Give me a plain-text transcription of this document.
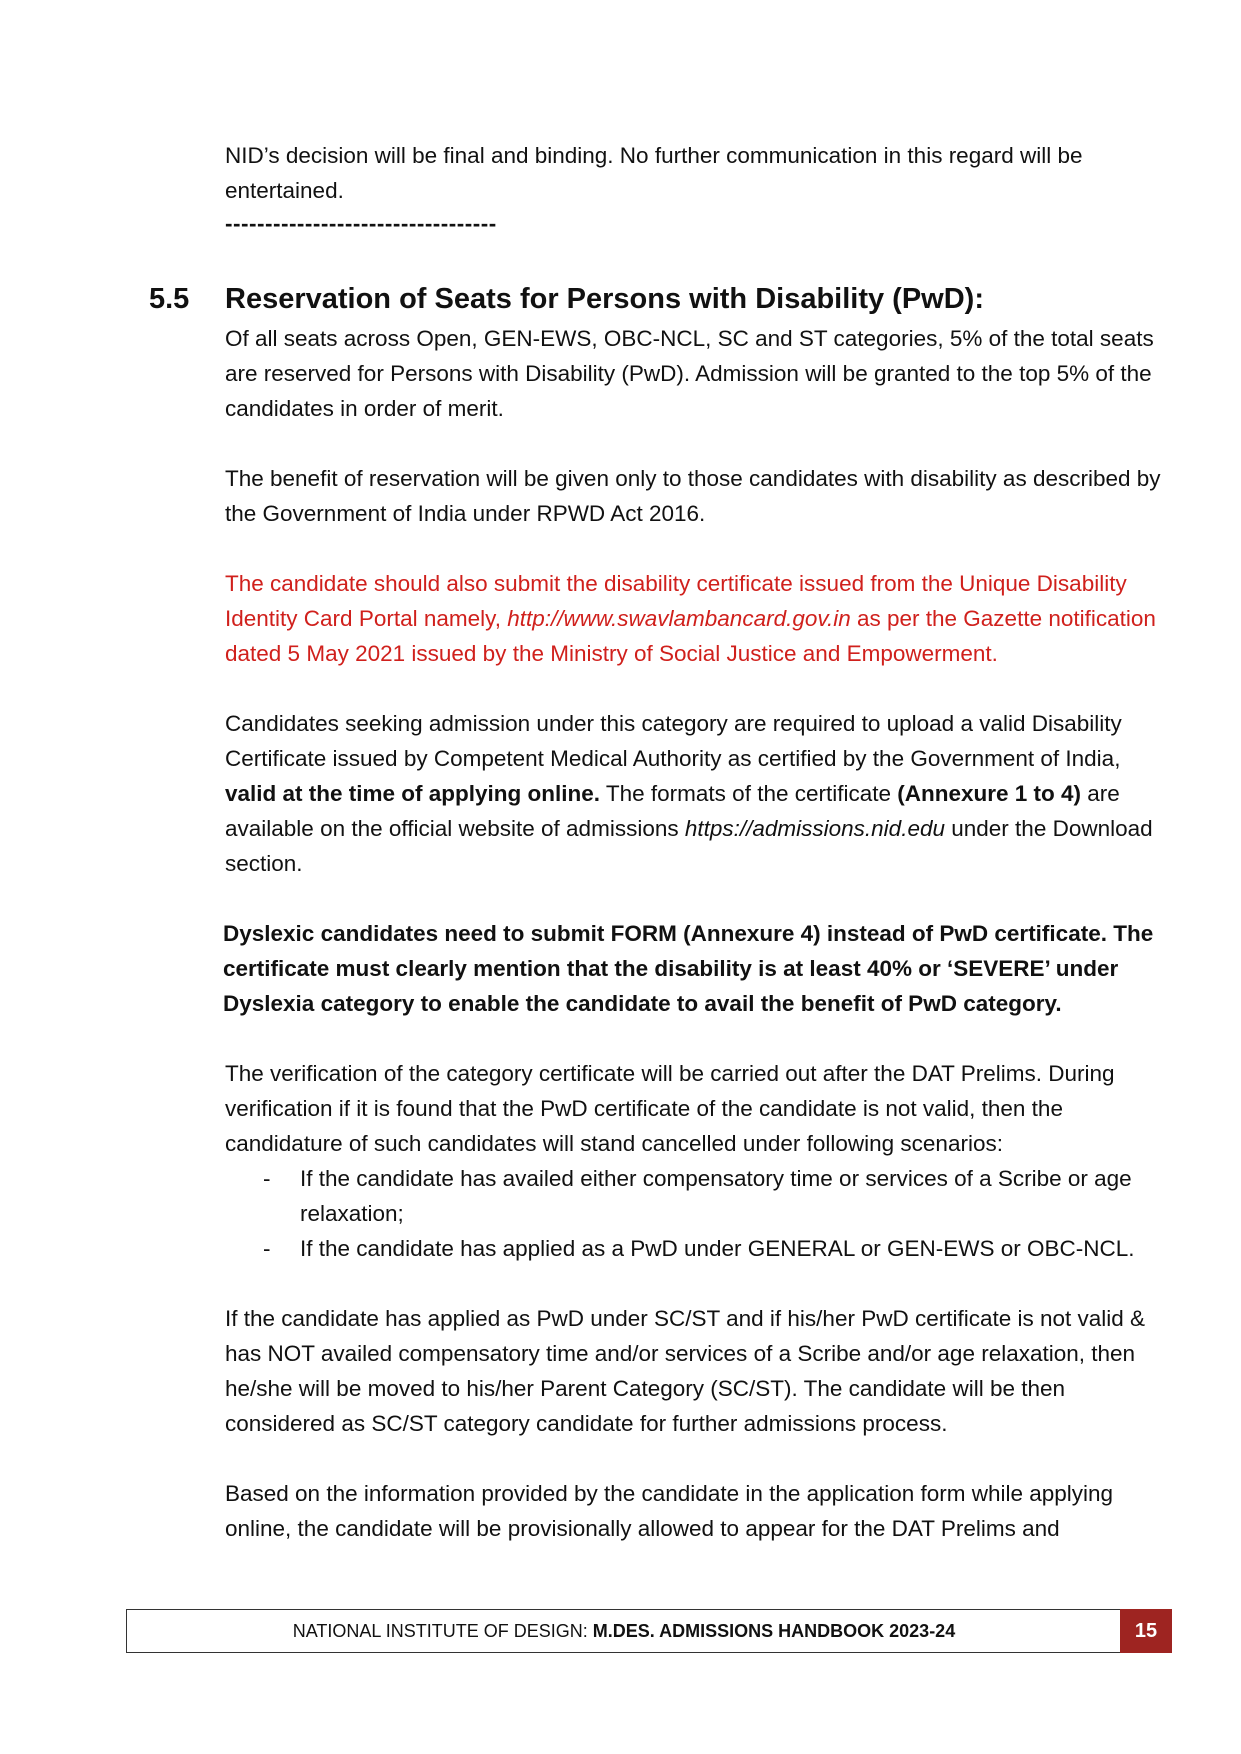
NID’s decision will be final and binding. No further communication in this regard will be entertained.

----------------------------------

5.5 Reservation of Seats for Persons with Disability (PwD):

Of all seats across Open, GEN-EWS, OBC-NCL, SC and ST categories, 5% of the total seats are reserved for Persons with Disability (PwD). Admission will be granted to the top 5% of the candidates in order of merit.

The benefit of reservation will be given only to those candidates with disability as described by the Government of India under RPWD Act 2016.

The candidate should also submit the disability certificate issued from the Unique Disability Identity Card Portal namely, http://www.swavlambancard.gov.in as per the Gazette notification dated 5 May 2021 issued by the Ministry of Social Justice and Empowerment.

Candidates seeking admission under this category are required to upload a valid Disability Certificate issued by Competent Medical Authority as certified by the Government of India, valid at the time of applying online. The formats of the certificate (Annexure 1 to 4) are available on the official website of admissions https://admissions.nid.edu under the Download section.

Dyslexic candidates need to submit FORM (Annexure 4) instead of PwD certificate. The certificate must clearly mention that the disability is at least 40% or ‘SEVERE’ under Dyslexia category to enable the candidate to avail the benefit of PwD category.

The verification of the category certificate will be carried out after the DAT Prelims. During verification if it is found that the PwD certificate of the candidate is not valid, then the candidature of such candidates will stand cancelled under following scenarios:

- If the candidate has availed either compensatory time or services of a Scribe or age relaxation;
- If the candidate has applied as a PwD under GENERAL or GEN-EWS or OBC-NCL.

If the candidate has applied as PwD under SC/ST and if his/her PwD certificate is not valid & has NOT availed compensatory time and/or services of a Scribe and/or age relaxation, then he/she will be moved to his/her Parent Category (SC/ST). The candidate will be then considered as SC/ST category candidate for further admissions process.

Based on the information provided by the candidate in the application form while applying online, the candidate will be provisionally allowed to appear for the DAT Prelims and

NATIONAL INSTITUTE OF DESIGN: M.DES. ADMISSIONS HANDBOOK 2023-24	15
